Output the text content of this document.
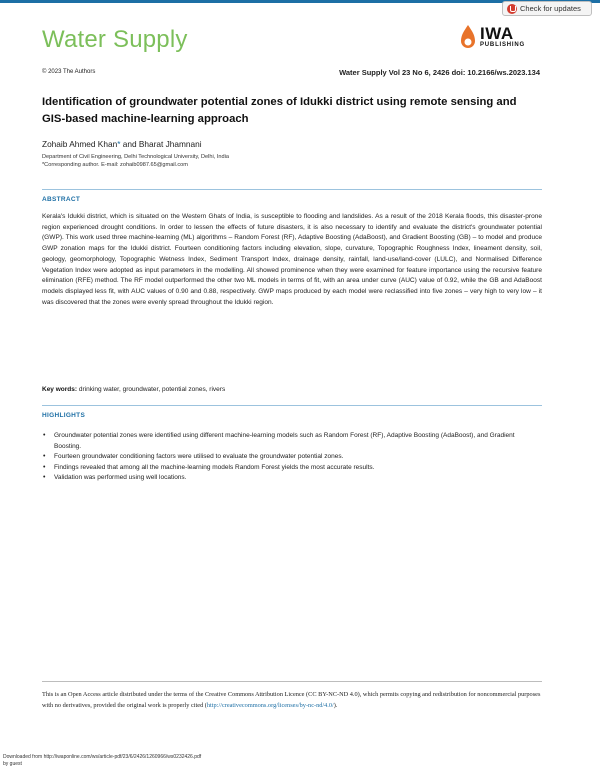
Water Supply
Check for updates
IWA
PUBLISHING
© 2023 The Authors	Water Supply Vol 23 No 6, 2426 doi: 10.2166/ws.2023.134
Identification of groundwater potential zones of Idukki district using remote sensing and GIS-based machine-learning approach
Zohaib Ahmed Khan* and Bharat Jhamnani
Department of Civil Engineering, Delhi Technological University, Delhi, India
*Corresponding author. E-mail: zohaib0987.65@gmail.com
ABSTRACT
Kerala's Idukki district, which is situated on the Western Ghats of India, is susceptible to flooding and landslides. As a result of the 2018 Kerala floods, this disaster-prone region experienced drought conditions. In order to lessen the effects of future disasters, it is also necessary to identify and evaluate the district's groundwater potential (GWP). This work used three machine-learning (ML) algorithms – Random Forest (RF), Adaptive Boosting (AdaBoost), and Gradient Boosting (GB) – to model and produce GWP zonation maps for the Idukki district. Fourteen conditioning factors including elevation, slope, curvature, Topographic Roughness Index, lineament density, soil, geology, geomorphology, Topographic Wetness Index, Sediment Transport Index, drainage density, rainfall, land-use/land-cover (LULC), and Normalised Difference Vegetation Index were adopted as input parameters in the modelling. All showed prominence when they were examined for feature importance using the recursive feature elimination (RFE) method. The RF model outperformed the other two ML models in terms of fit, with an area under curve (AUC) value of 0.92, while the GB and AdaBoost models displayed less fit, with AUC values of 0.90 and 0.88, respectively. GWP maps produced by each model were reclassified into five zones – very high to very low – it was discovered that the zones were evenly spread throughout the Idukki region.
Key words: drinking water, groundwater, potential zones, rivers
HIGHLIGHTS
• Groundwater potential zones were identified using different machine-learning models such as Random Forest (RF), Adaptive Boosting (AdaBoost), and Gradient Boosting.
• Fourteen groundwater conditioning factors were utilised to evaluate the groundwater potential zones.
• Findings revealed that among all the machine-learning models Random Forest yields the most accurate results.
• Validation was performed using well locations.
This is an Open Access article distributed under the terms of the Creative Commons Attribution Licence (CC BY-NC-ND 4.0), which permits copying and redistribution for noncommercial purposes with no derivatives, provided the original work is properly cited (http://creativecommons.org/licenses/by-nc-nd/4.0/).
Downloaded from http://iwaponline.com/ws/article-pdf/23/6/2426/1260966/ws0232426.pdf
by guest
